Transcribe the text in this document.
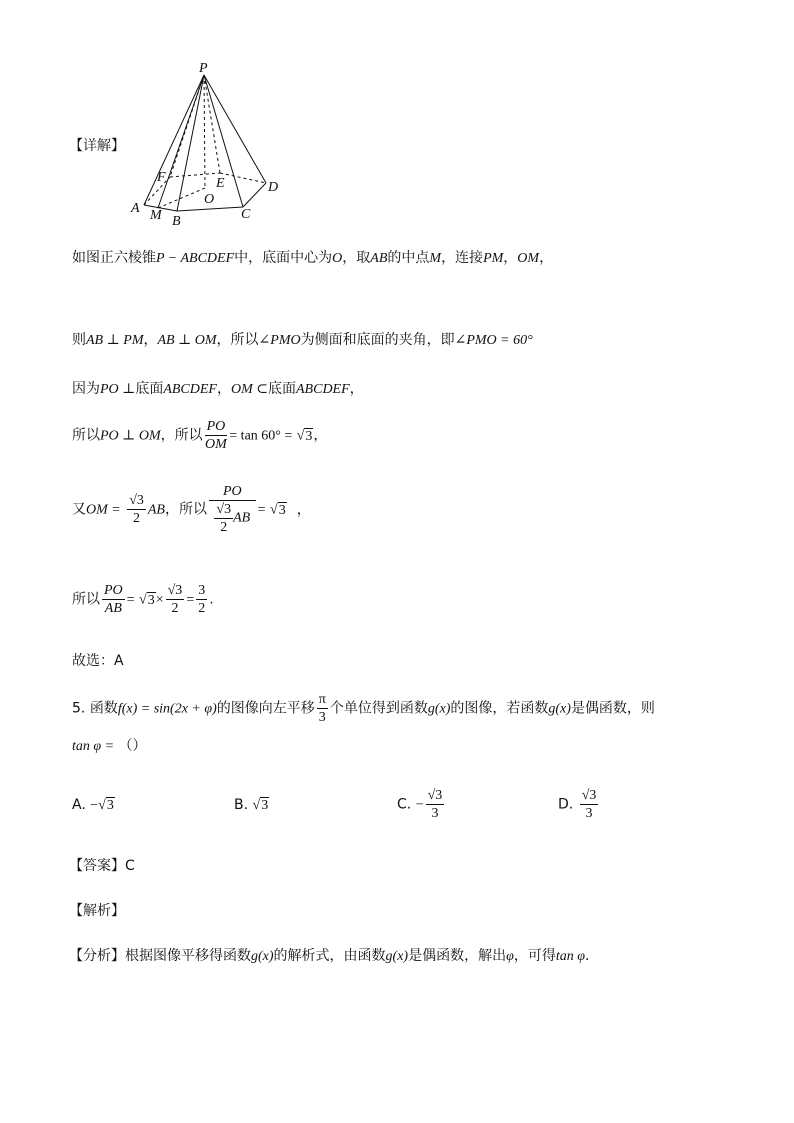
P
F	E
O
D
A M B	C
【详解】
如图正六棱锥P − ABCDEF中，底面中心为O，取AB的中点M，连接PM，OM，
则AB ⊥ PM，AB ⊥ OM，所以∠PMO为侧面和底面的夹角，即∠PMO = 60°
因为PO ⊥底面ABCDEF，OM ⊂底面ABCDEF，
所以PO ⊥ OM，所以 $\frac{PO}{OM} = \tan 60^\circ = √3$，
又OM = $\frac{√3}{2}$ AB，所以 $\frac{PO}{\frac{√3}{2} AB} = √3$ ，
所以 $\frac{PO}{AB} = √3\times \frac{√3}{2} = \frac{3}{2}$ .
故选：A
5. 函数f(x) = sin(2x + φ)的图像向左平移 $\frac{\pi}{3}$ 个单位得到函数g(x)的图像，若函数g(x)是偶函数，则
tan φ = （）
A. −√3	B. √3	C. − $\frac{√3}{3}$	D. $\frac{√3}{3}$
【答案】C
【解析】
【分析】根据图像平移得函数g(x)的解析式，由函数g(x)是偶函数，解出φ，可得tan φ.
